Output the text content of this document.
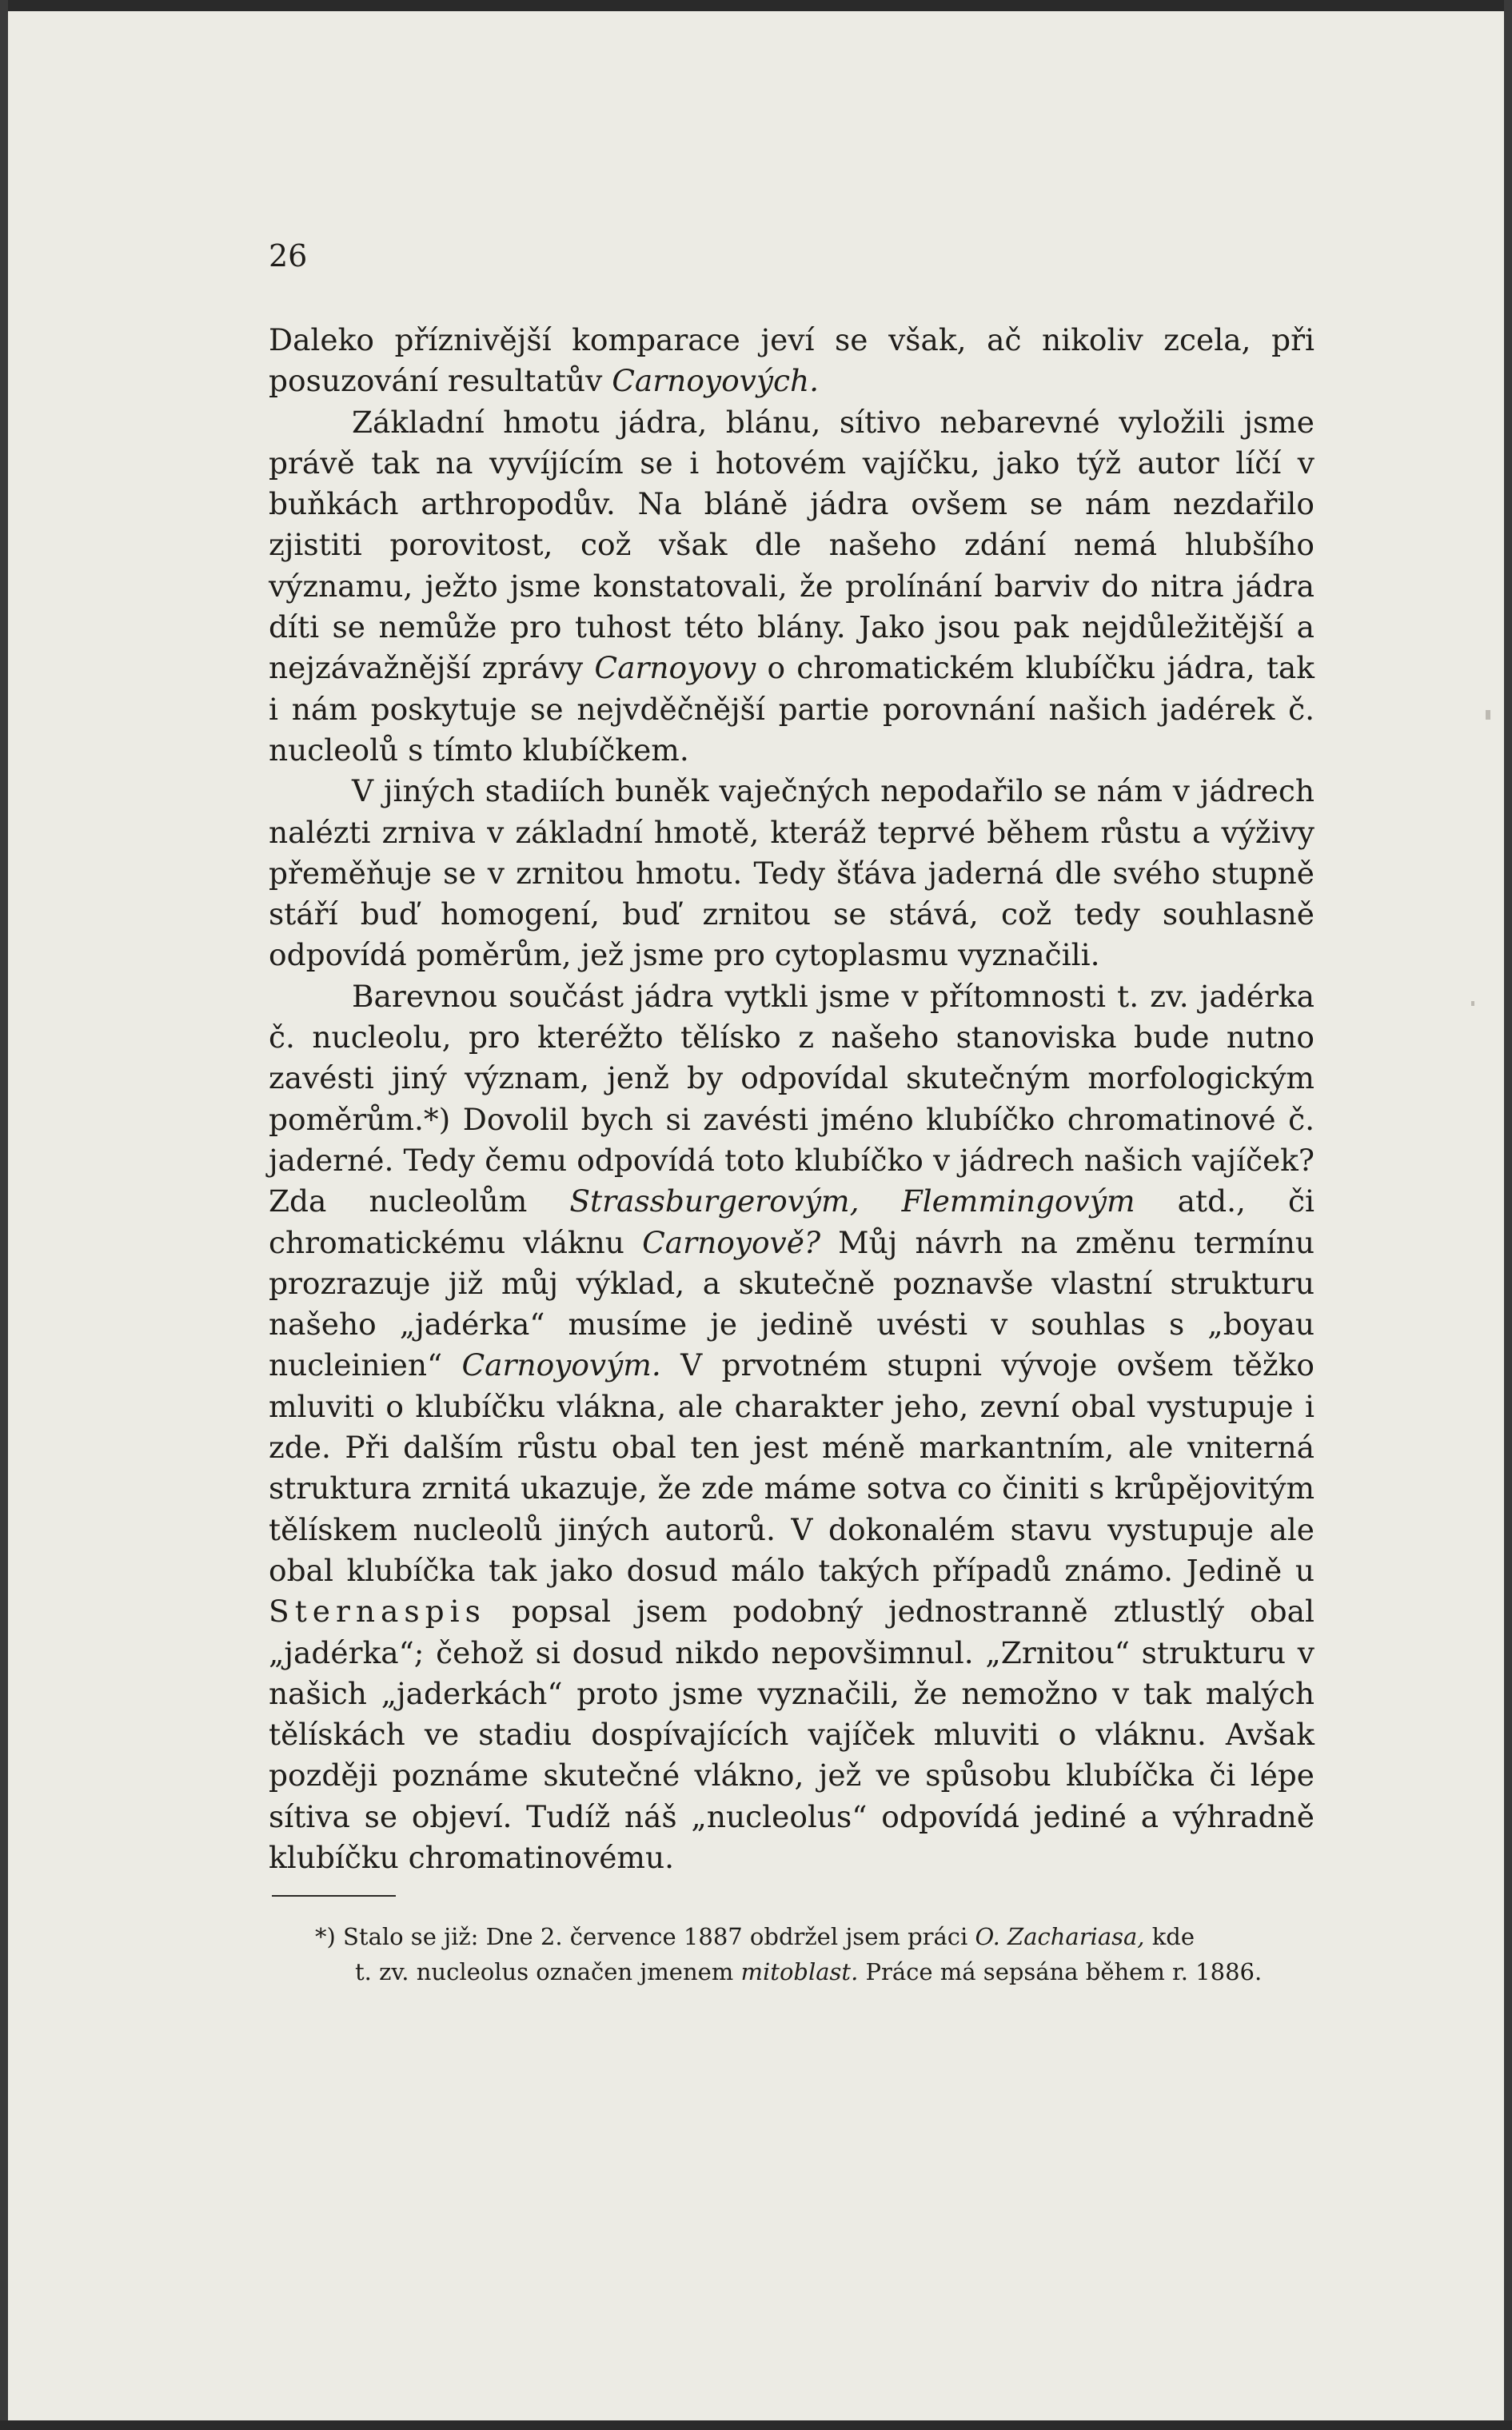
26

Daleko příznivější komparace jeví se však, ač nikoliv zcela, při posuzování resultatův Carnoyových.

Základní hmotu jádra, blánu, sítivo nebarevné vyložili jsme právě tak na vyvíjícím se i hotovém vajíčku, jako týž autor líčí v buňkách arthropodův. Na bláně jádra ovšem se nám nezdařilo zjistiti porovitost, což však dle našeho zdání nemá hlubšího významu, ježto jsme konstatovali, že prolínání barviv do nitra jádra díti se nemůže pro tuhost této blány. Jako jsou pak nejdůležitější a nejzávažnější zprávy Carnoyovy o chromatickém klubíčku jádra, tak i nám poskytuje se nejvděčnější partie porovnání našich jadérek č. nucleolů s tímto klubíčkem.

V jiných stadiích buněk vaječných nepodařilo se nám v jádrech nalézti zrniva v základní hmotě, kteráž teprvé během růstu a výživy přeměňuje se v zrnitou hmotu. Tedy šťáva jaderná dle svého stupně stáří buď homogení, buď zrnitou se stává, což tedy souhlasně odpovídá poměrům, jež jsme pro cytoplasmu vyznačili.

Barevnou součást jádra vytkli jsme v přítomnosti t. zv. jadérka č. nucleolu, pro kteréžto tělísko z našeho stanoviska bude nutno zavésti jiný význam, jenž by odpovídal skutečným morfologickým poměrům.*) Dovolil bych si zavésti jméno klubíčko chromatinové č. jaderné. Tedy čemu odpovídá toto klubíčko v jádrech našich vajíček? Zda nucleolům Strassburgerovým, Flemmingovým atd., či chromatickému vláknu Carnoyově? Můj návrh na změnu termínu prozrazuje již můj výklad, a skutečně poznavše vlastní strukturu našeho „jadérka“ musíme je jedině uvésti v souhlas s „boyau nucleinien“ Carnoyovým. V prvotném stupni vývoje ovšem těžko mluviti o klubíčku vlákna, ale charakter jeho, zevní obal vystupuje i zde. Při dalším růstu obal ten jest méně markantním, ale vniterná struktura zrnitá ukazuje, že zde máme sotva co činiti s krůpějovitým tělískem nucleolů jiných autorů. V dokonalém stavu vystupuje ale obal klubíčka tak jako dosud málo takých případů známo. Jedině u Sternaspis popsal jsem podobný jednostranně ztlustlý obal „jadérka“; čehož si dosud nikdo nepovšimnul. „Zrnitou“ strukturu v našich „jaderkách“ proto jsme vyznačili, že nemožno v tak malých tělískách ve stadiu dospívajících vajíček mluviti o vláknu. Avšak později poznáme skutečné vlákno, jež ve spůsobu klubíčka či lépe sítiva se objeví. Tudíž náš „nucleolus“ odpovídá jediné a výhradně klubíčku chromatinovému.

*) Stalo se již: Dne 2. července 1887 obdržel jsem práci O. Zachariasa, kde

t. zv. nucleolus označen jmenem mitoblast. Práce má sepsána během r. 1886.
